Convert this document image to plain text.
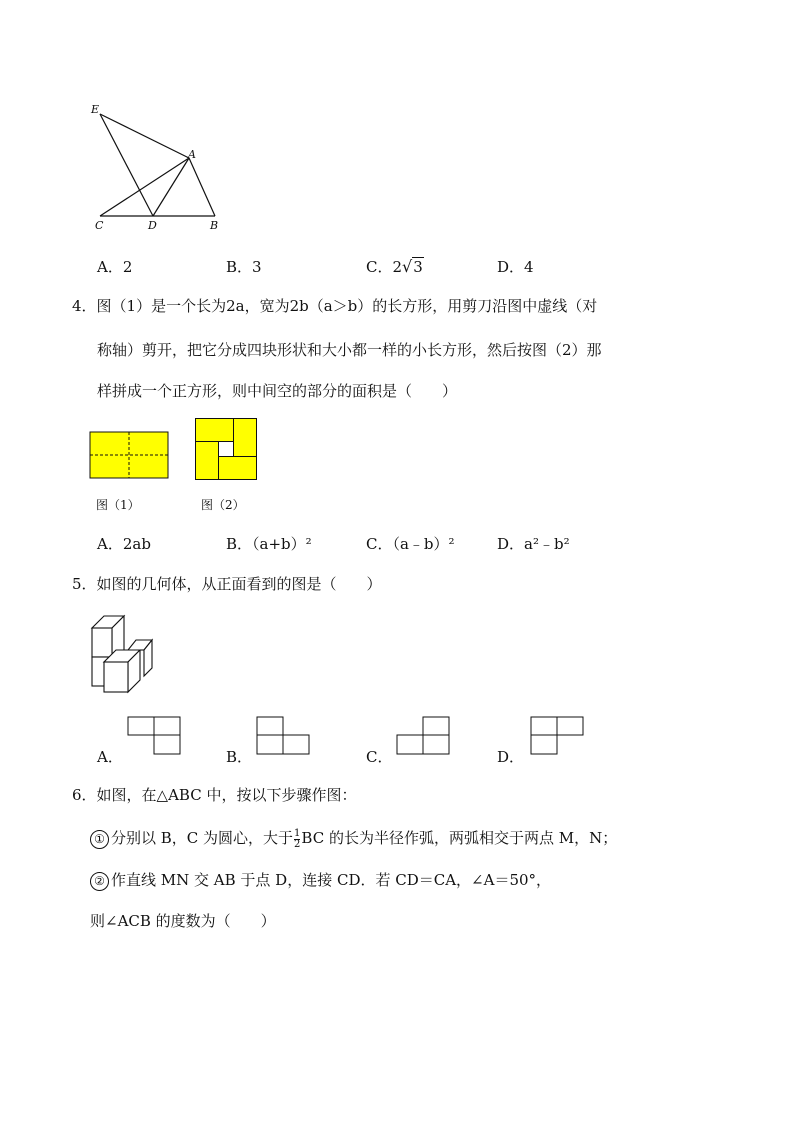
E
A
C	D	B
A．2	B．3	C．2√3	D．4
4．图（1）是一个长为2a，宽为2b（a＞b）的长方形，用剪刀沿图中虚线（对
称轴）剪开，把它分成四块形状和大小都一样的小长方形，然后按图（2）那
样拼成一个正方形，则中间空的部分的面积是（　　）
图（1）	图（2）
A．2ab	B．（a+b）²	C．（a﹣b）²	D．a²﹣b²
5．如图的几何体，从正面看到的图是（　　）
A．	B．	C．	D．
6．如图，在△ABC 中，按以下步骤作图：
① 分别以 B，C 为圆心，大于 $\frac{1}{2}$ BC 的长为半径作弧，两弧相交于两点 M，N；
② 作直线 MN 交 AB 于点 D，连接 CD．若 CD＝CA，∠A＝50°，
则∠ACB 的度数为（　　）
